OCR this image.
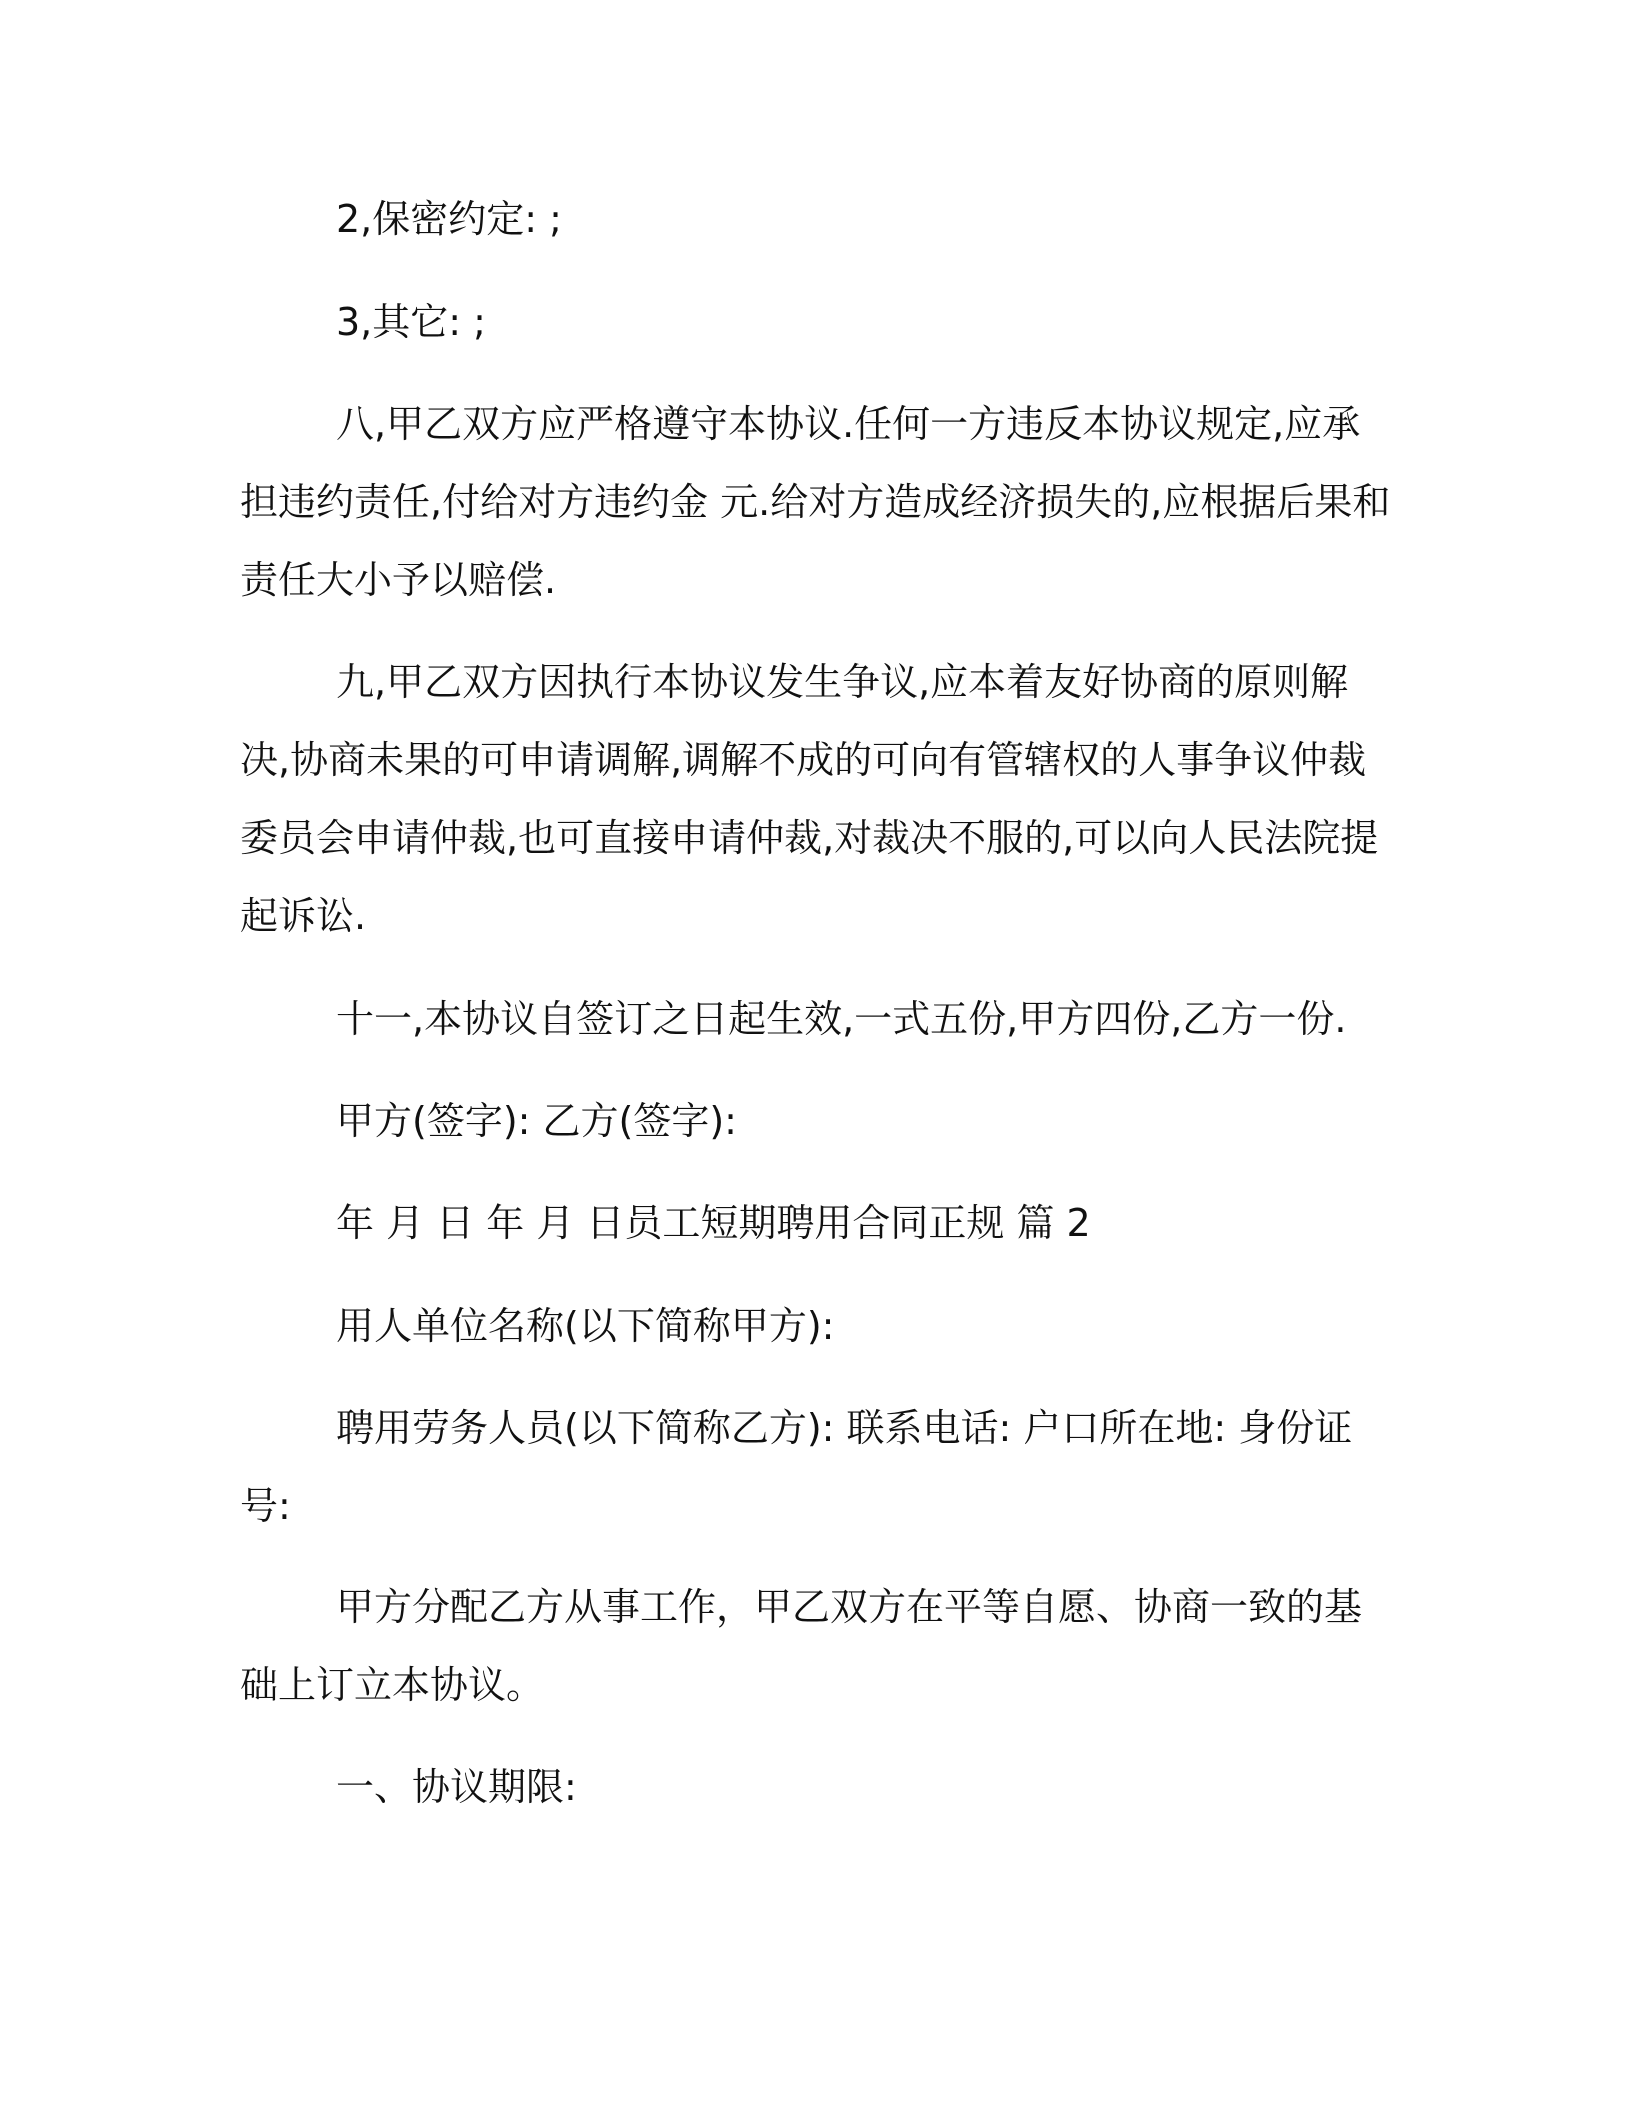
2,保密约定: ;

3,其它: ;

八,甲乙双方应严格遵守本协议.任何一方违反本协议规定,应承担违约责任,付给对方违约金 元.给对方造成经济损失的,应根据后果和责任大小予以赔偿.

九,甲乙双方因执行本协议发生争议,应本着友好协商的原则解决,协商未果的可申请调解,调解不成的可向有管辖权的人事争议仲裁委员会申请仲裁,也可直接申请仲裁,对裁决不服的,可以向人民法院提起诉讼.

十一,本协议自签订之日起生效,一式五份,甲方四份,乙方一份.

甲方(签字): 乙方(签字):

年 月 日 年 月 日员工短期聘用合同正规 篇 2

用人单位名称(以下简称甲方):

聘用劳务人员(以下简称乙方): 联系电话: 户口所在地: 身份证号:

甲方分配乙方从事工作，甲乙双方在平等自愿、协商一致的基础上订立本协议。

一、协议期限:
